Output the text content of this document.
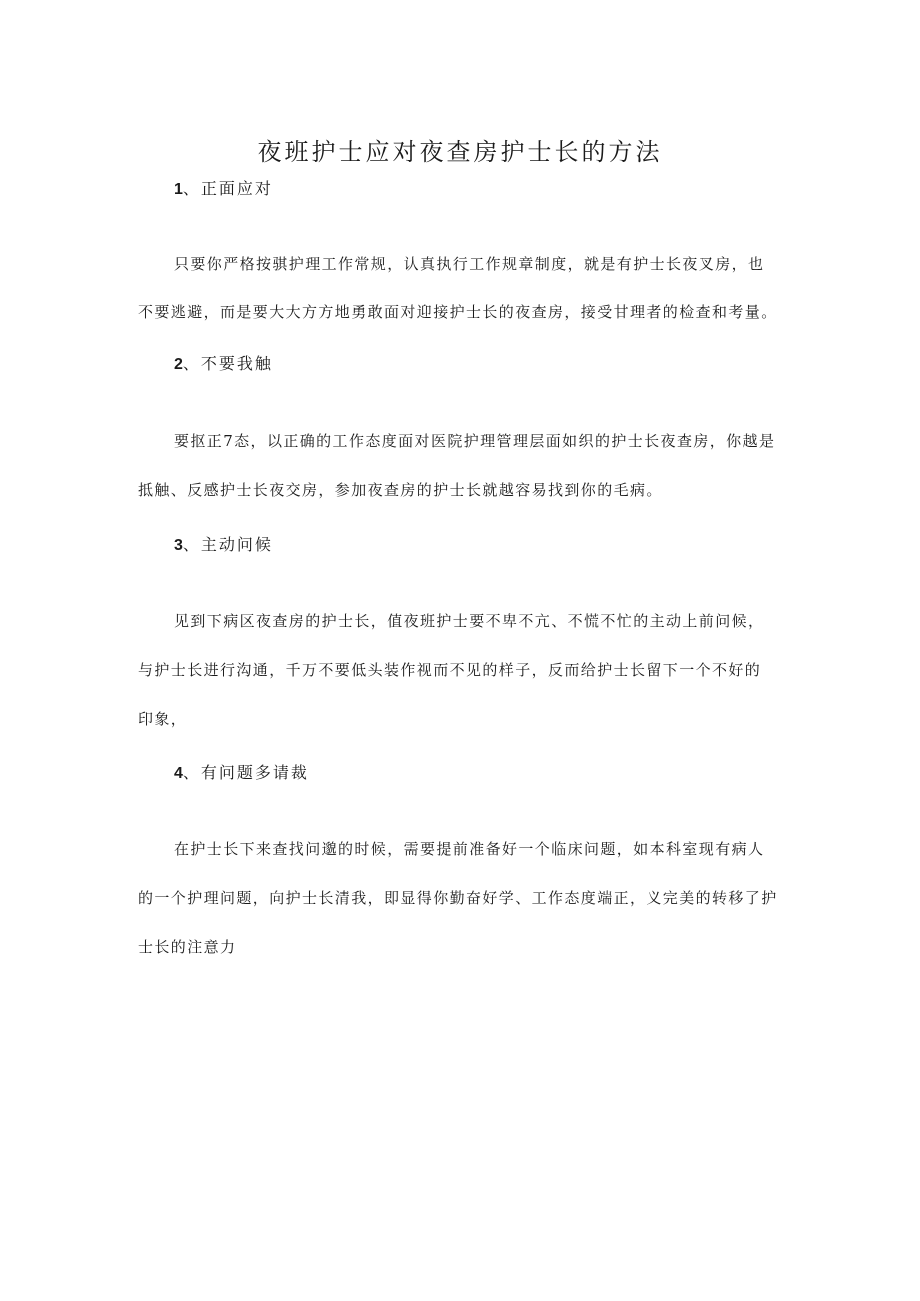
夜班护士应对夜查房护士长的方法
1、正面应对
只要你严格按骐护理工作常规，认真执行工作规章制度，就是有护士长夜叉房，也
不要逃避，而是要大大方方地勇敢面对迎接护士长的夜查房，接受甘理者的检查和考量。
2、不要我触
要抠正7态，以正确的工作态度面对医院护理管理层面如织的护士长夜查房，你越是
抵触、反感护士长夜交房，参加夜查房的护士长就越容易找到你的毛病。
3、主动问候
见到下病区夜查房的护士长，值夜班护士要不卑不亢、不慌不忙的主动上前问候，
与护士长进行沟通，千万不要低头装作视而不见的样子，反而给护士长留下一个不好的
印象，
4、有问题多请裁
在护士长下来查找问邈的时候，需要提前准备好一个临床问题，如本科室现有病人
的一个护理问题，向护士长清我，即显得你勤奋好学、工作态度端正，义完美的转移了护
士长的注意力
